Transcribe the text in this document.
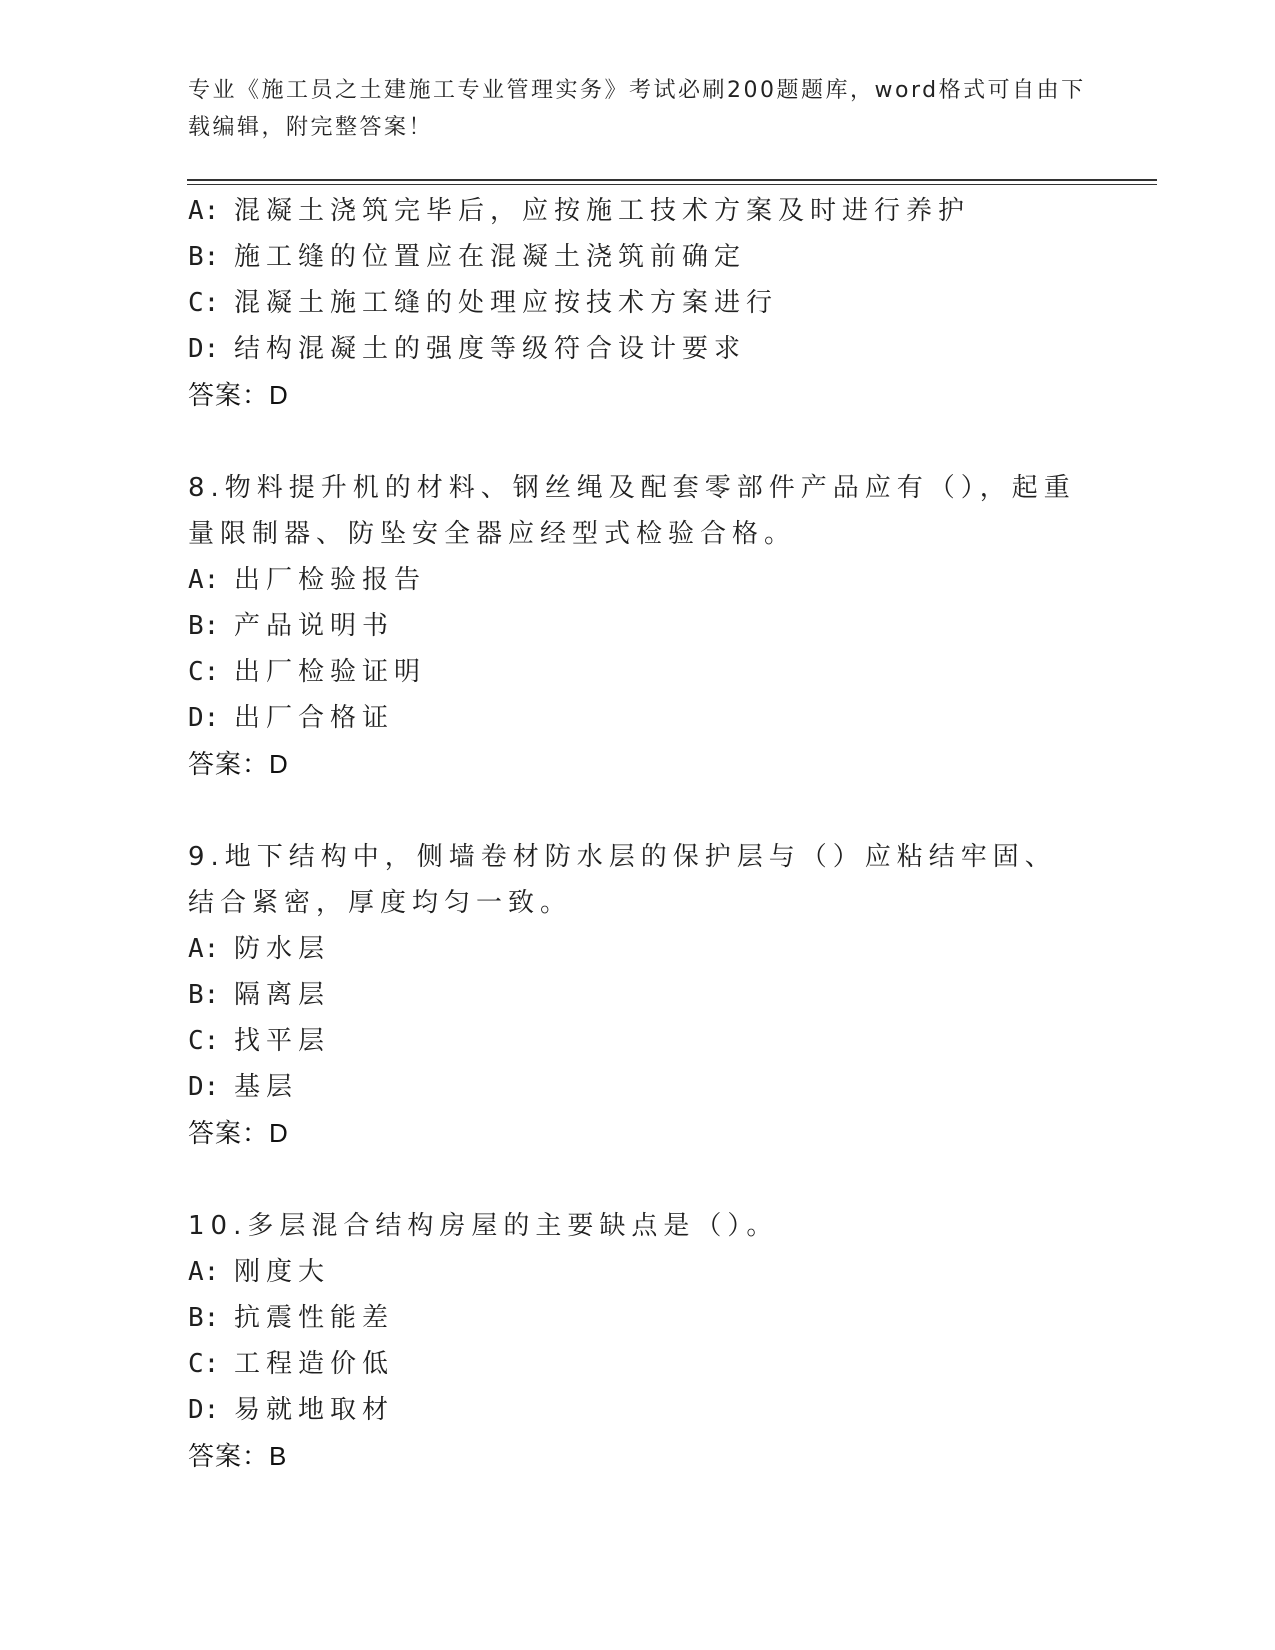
专业《施工员之土建施工专业管理实务》考试必刷200题题库，word格式可自由下载编辑，附完整答案！
A: 混凝土浇筑完毕后，应按施工技术方案及时进行养护
B: 施工缝的位置应在混凝土浇筑前确定
C: 混凝土施工缝的处理应按技术方案进行
D: 结构混凝土的强度等级符合设计要求
答案：D
8.物料提升机的材料、钢丝绳及配套零部件产品应有（），起重量限制器、防坠安全器应经型式检验合格。
A: 出厂检验报告
B: 产品说明书
C: 出厂检验证明
D: 出厂合格证
答案：D
9.地下结构中，侧墙卷材防水层的保护层与（）应粘结牢固、结合紧密，厚度均匀一致。
A: 防水层
B: 隔离层
C: 找平层
D: 基层
答案：D
10.多层混合结构房屋的主要缺点是（）。
A: 刚度大
B: 抗震性能差
C: 工程造价低
D: 易就地取材
答案：B
